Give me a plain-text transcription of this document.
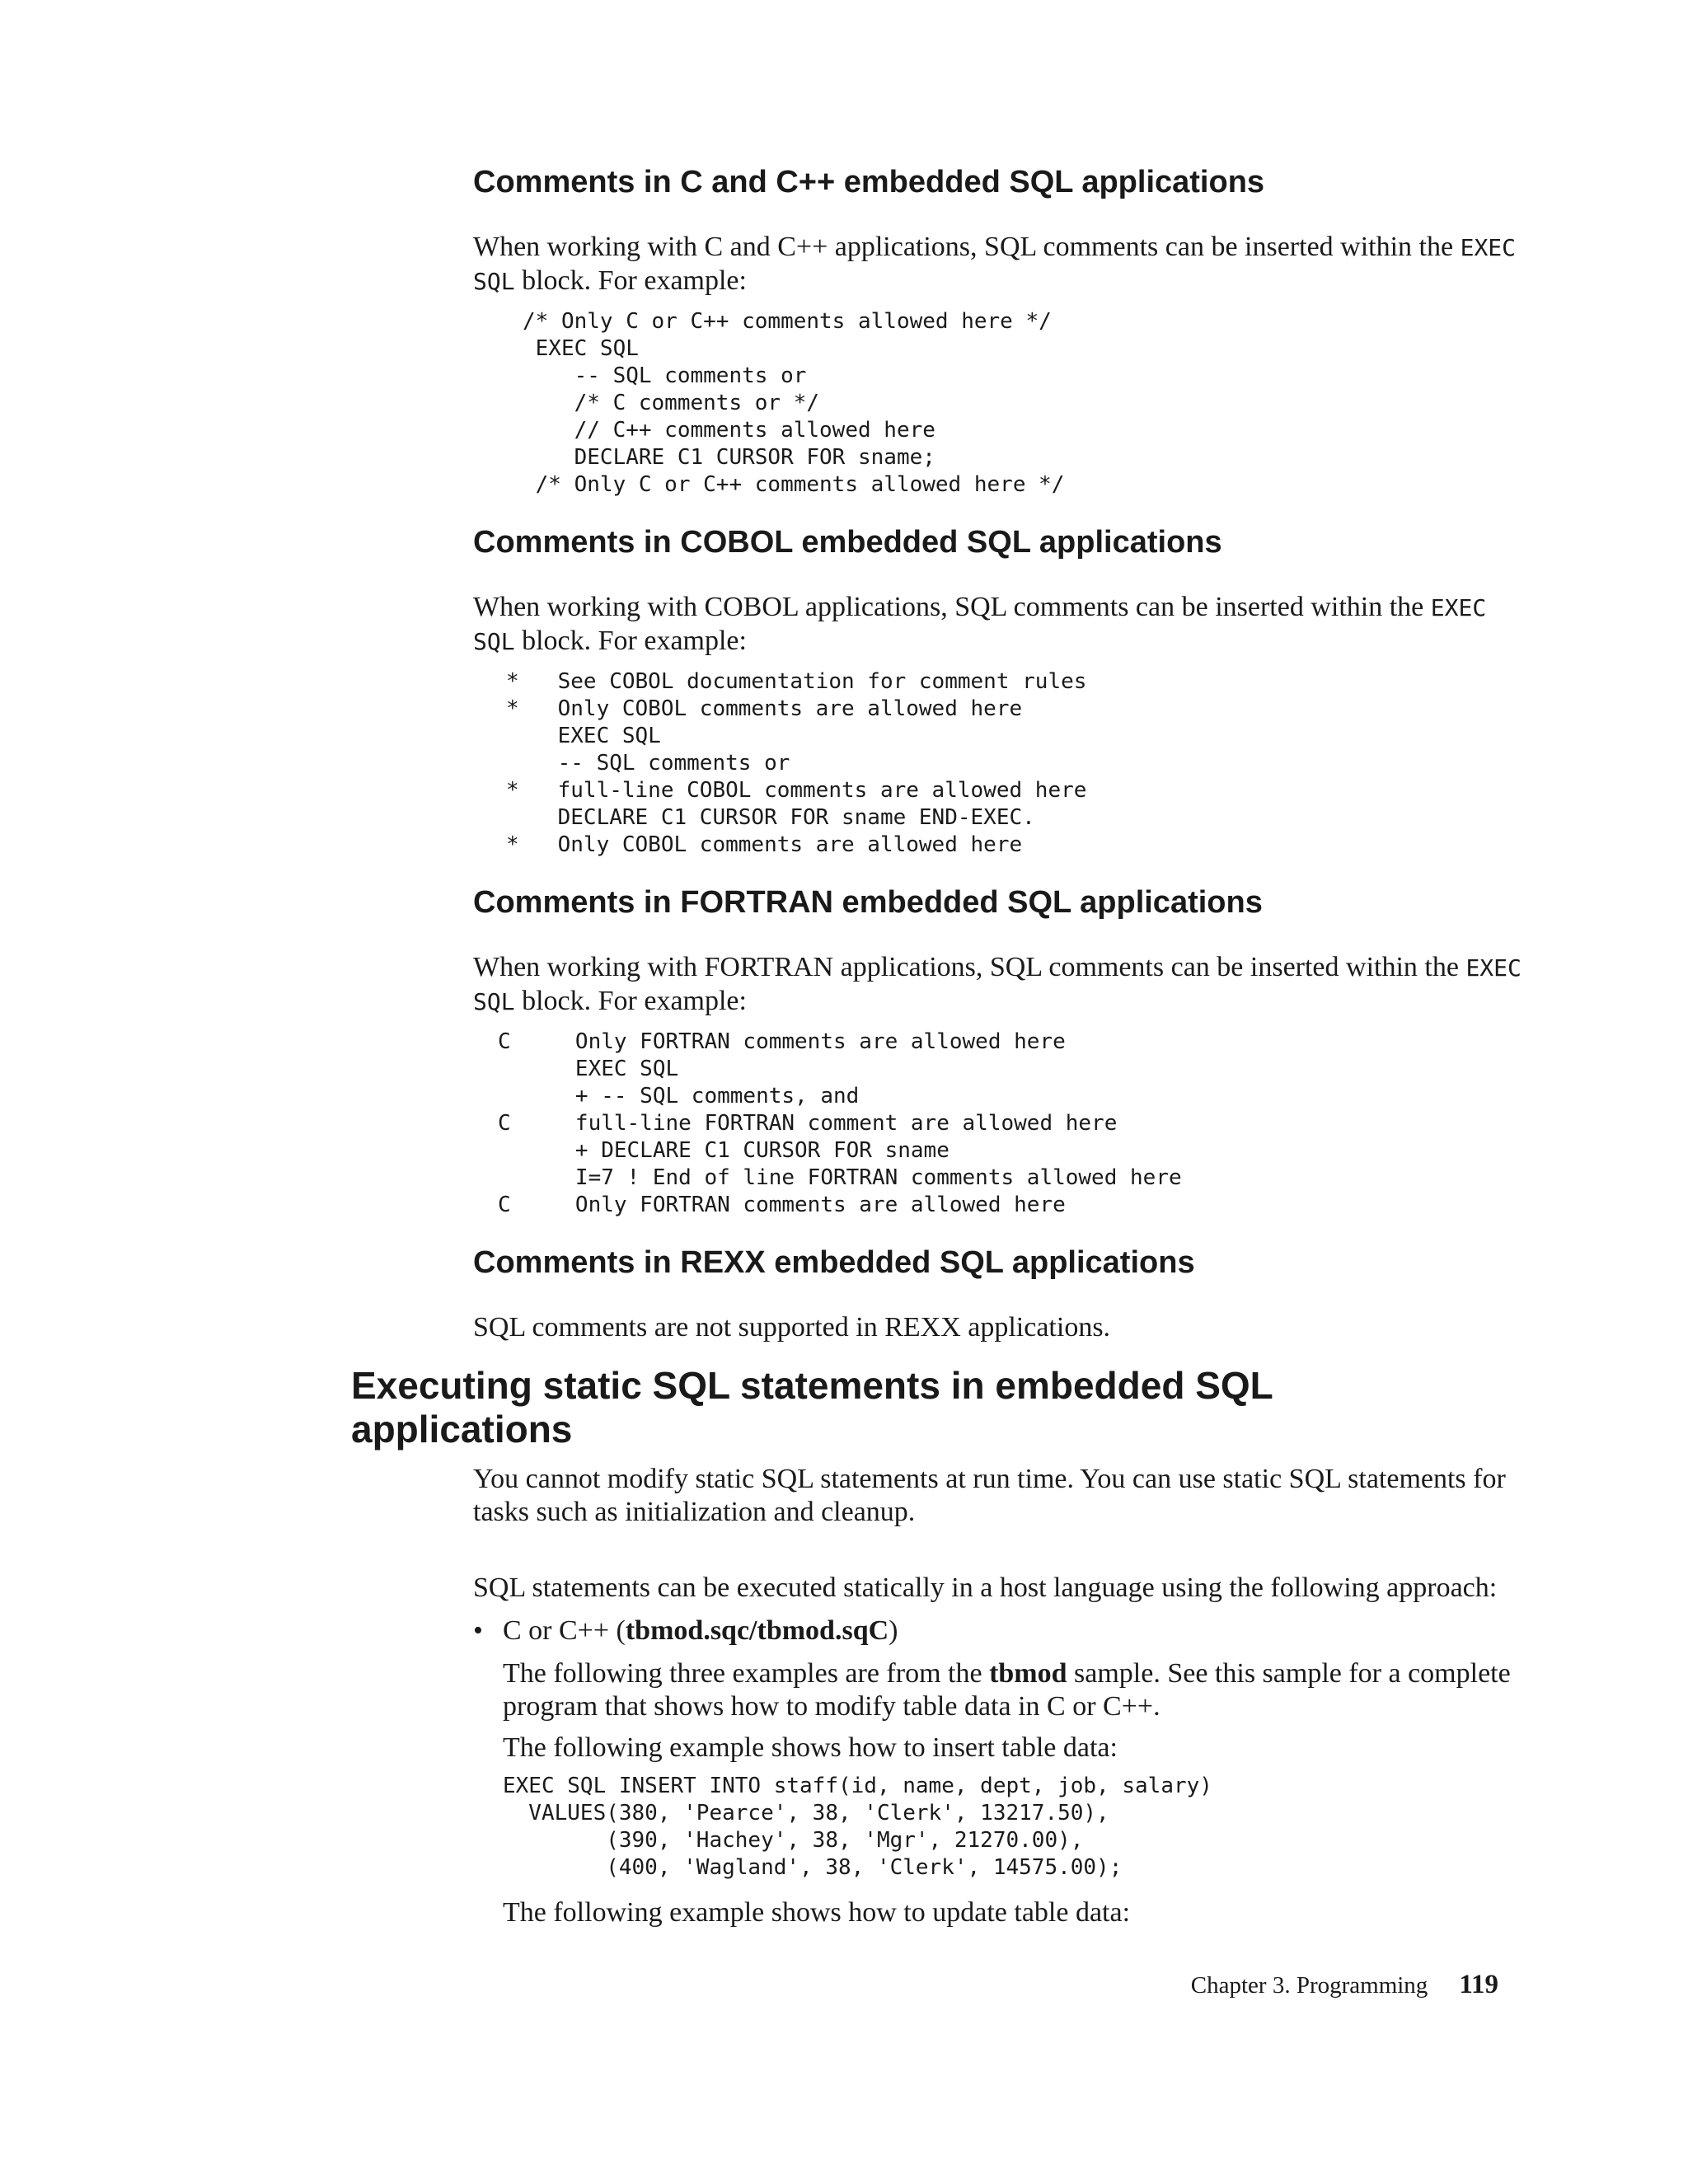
Comments in C and C++ embedded SQL applications

When working with C and C++ applications, SQL comments can be inserted within the EXEC SQL block. For example:

/* Only C or C++ comments allowed here */
EXEC SQL
-- SQL comments or
/* C comments or */
// C++ comments allowed here
DECLARE C1 CURSOR FOR sname;
/* Only C or C++ comments allowed here */
Comments in COBOL embedded SQL applications

When working with COBOL applications, SQL comments can be inserted within the EXEC SQL block. For example:

*   See COBOL documentation for comment rules
*   Only COBOL comments are allowed here
EXEC SQL
-- SQL comments or
*   full-line COBOL comments are allowed here
DECLARE C1 CURSOR FOR sname END-EXEC.
*   Only COBOL comments are allowed here
Comments in FORTRAN embedded SQL applications

When working with FORTRAN applications, SQL comments can be inserted within the EXEC SQL block. For example:

C     Only FORTRAN comments are allowed here
EXEC SQL
+ -- SQL comments, and
C     full-line FORTRAN comment are allowed here
+ DECLARE C1 CURSOR FOR sname
I=7 ! End of line FORTRAN comments allowed here
C     Only FORTRAN comments are allowed here
Comments in REXX embedded SQL applications

SQL comments are not supported in REXX applications.

Executing static SQL statements in embedded SQL applications

You cannot modify static SQL statements at run time. You can use static SQL statements for tasks such as initialization and cleanup.

SQL statements can be executed statically in a host language using the following approach:

• C or C++ (tbmod.sqc/tbmod.sqC)

The following three examples are from the tbmod sample. See this sample for a complete program that shows how to modify table data in C or C++.

The following example shows how to insert table data:

EXEC SQL INSERT INTO staff(id, name, dept, job, salary)
VALUES(380, 'Pearce', 38, 'Clerk', 13217.50),
(390, 'Hachey', 38, 'Mgr', 21270.00),
(400, 'Wagland', 38, 'Clerk', 14575.00);

The following example shows how to update table data:

Chapter 3. Programming 119
